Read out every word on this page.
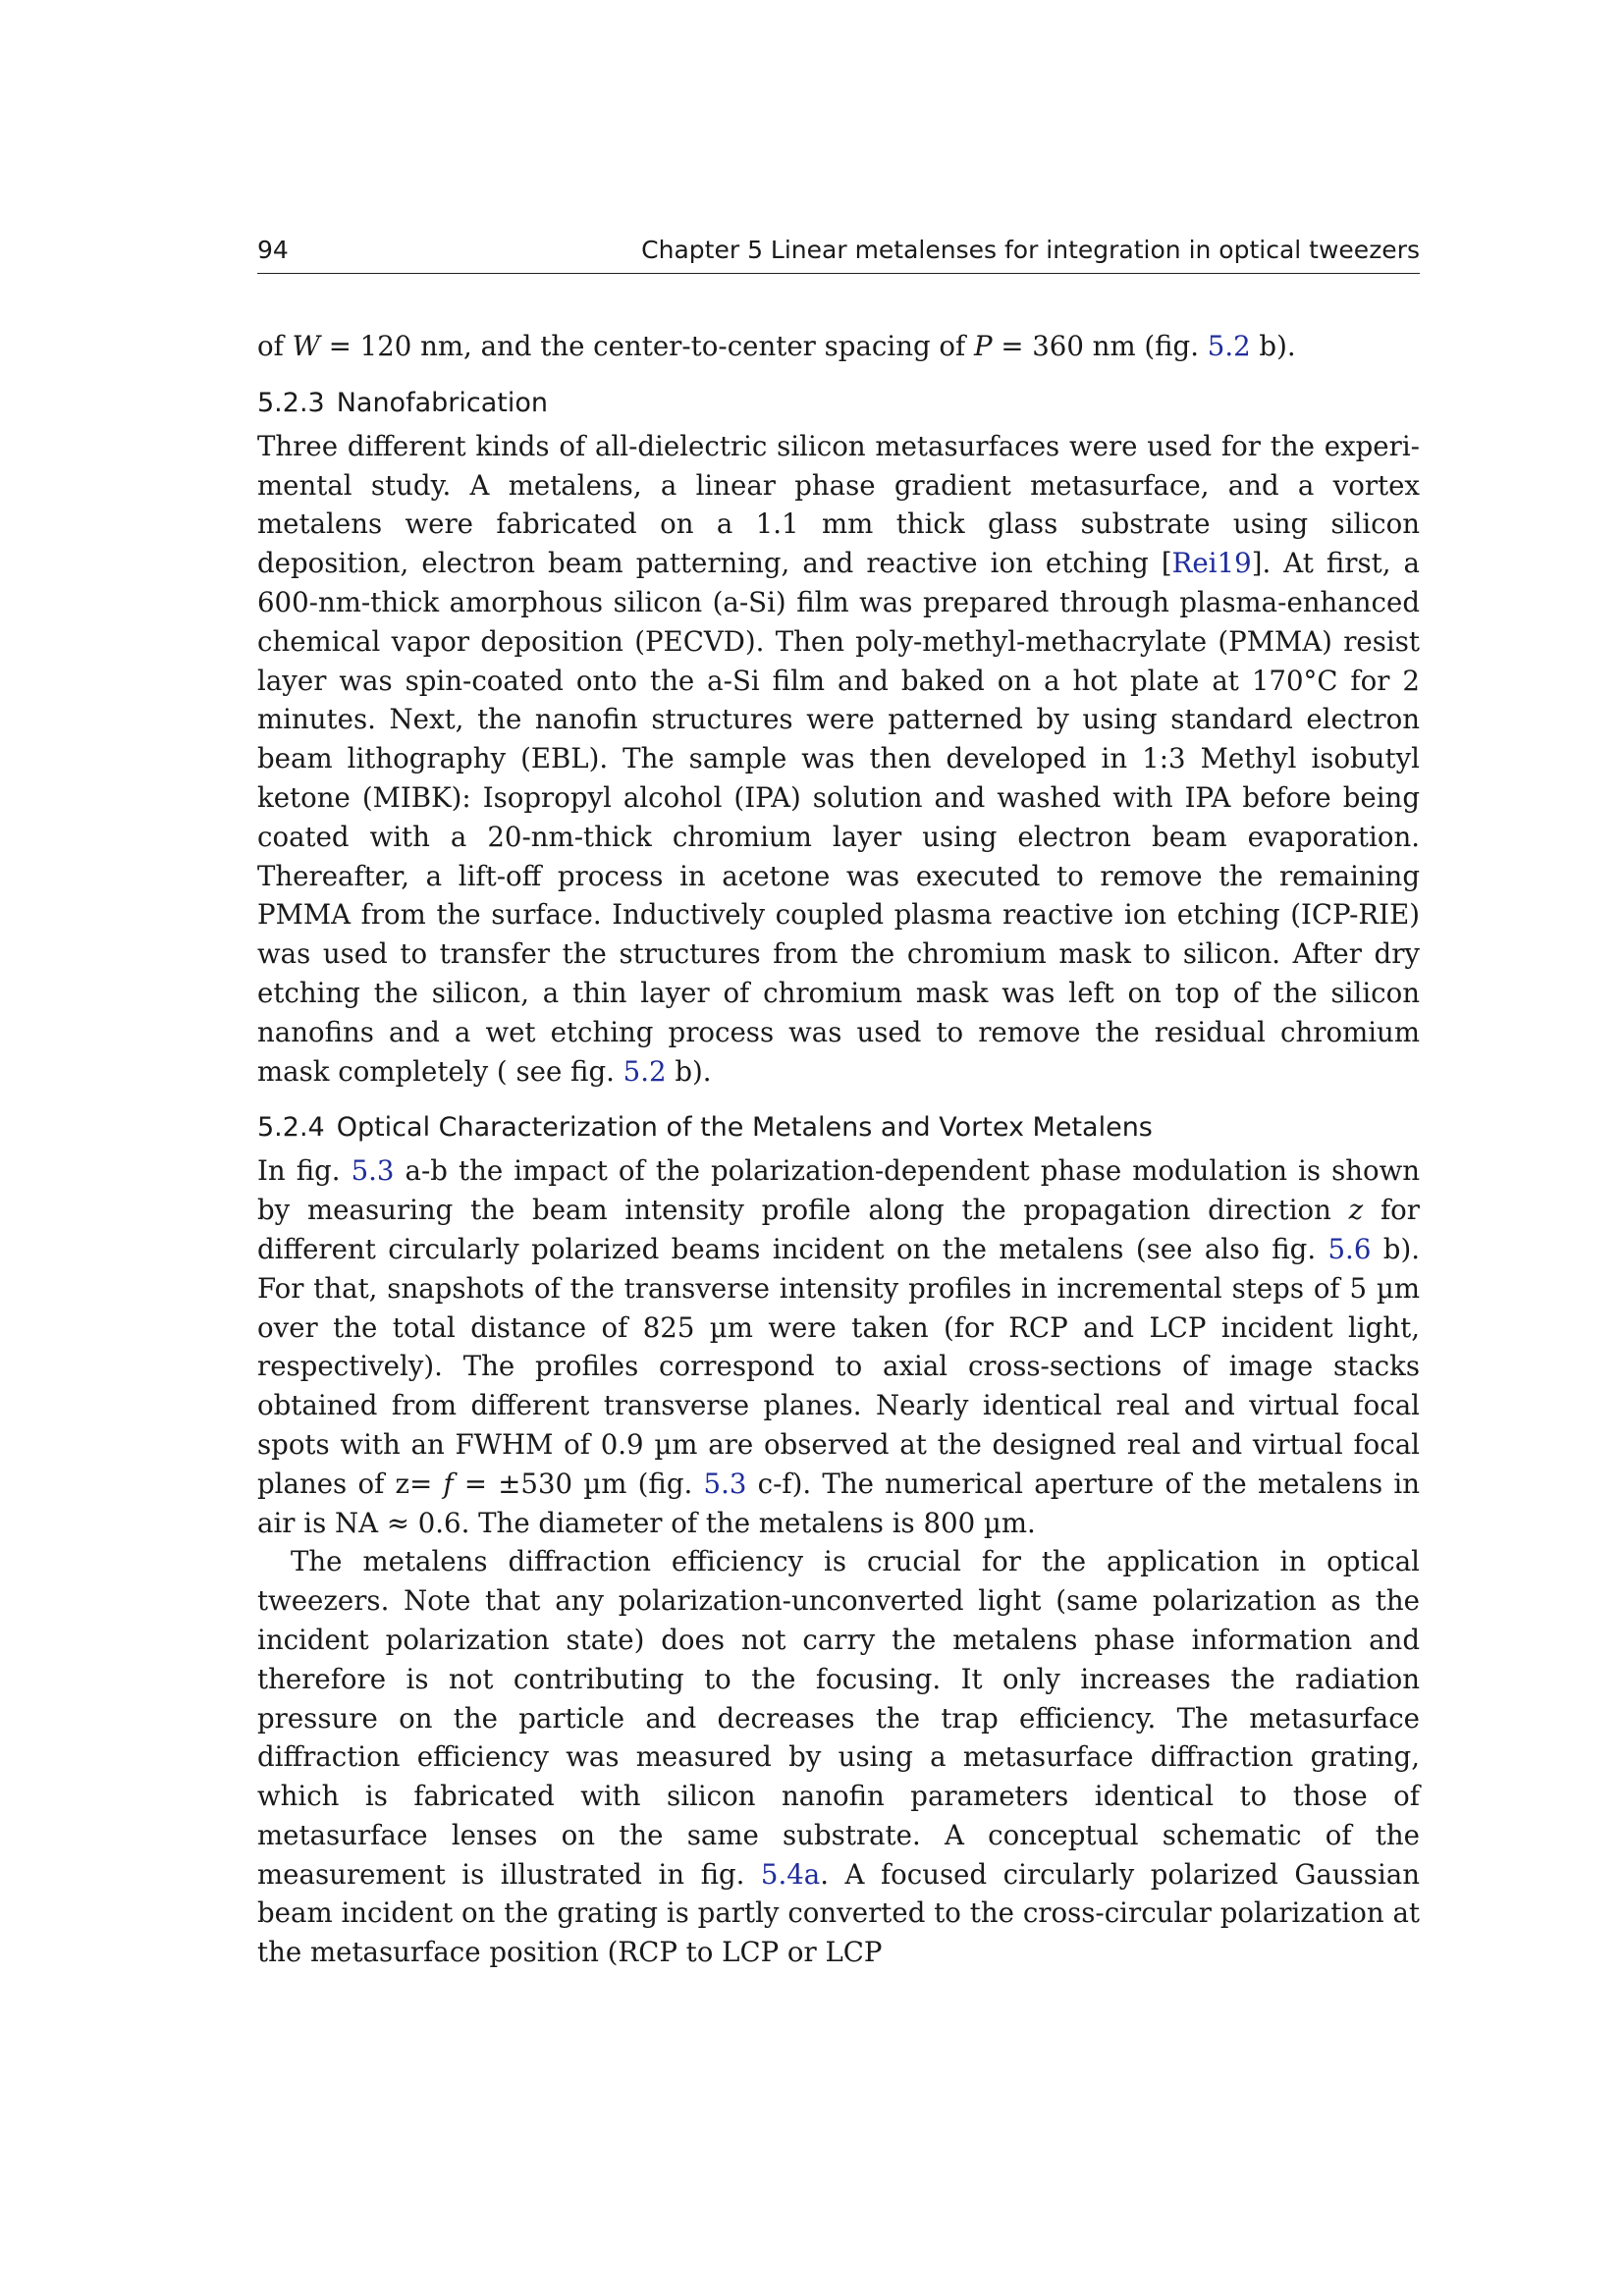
94	Chapter 5 Linear metalenses for integration in optical tweezers

of W = 120 nm, and the center-to-center spacing of P = 360 nm (fig. 5.2 b).

5.2.3 Nanofabrication

Three different kinds of all-dielectric silicon metasurfaces were used for the experimental study. A metalens, a linear phase gradient metasurface, and a vortex metalens were fabricated on a 1.1 mm thick glass substrate using silicon deposition, electron beam patterning, and reactive ion etching [Rei19]. At first, a 600-nm-thick amorphous silicon (a-Si) film was prepared through plasma-enhanced chemical vapor deposition (PECVD). Then poly-methyl-methacrylate (PMMA) resist layer was spin-coated onto the a-Si film and baked on a hot plate at 170°C for 2 minutes. Next, the nanofin structures were patterned by using standard electron beam lithography (EBL). The sample was then developed in 1:3 Methyl isobutyl ketone (MIBK): Isopropyl alcohol (IPA) solution and washed with IPA before being coated with a 20-nm-thick chromium layer using electron beam evaporation. Thereafter, a lift-off process in acetone was executed to remove the remaining PMMA from the surface. Inductively coupled plasma reactive ion etching (ICP-RIE) was used to transfer the structures from the chromium mask to silicon. After dry etching the silicon, a thin layer of chromium mask was left on top of the silicon nanofins and a wet etching process was used to remove the residual chromium mask completely ( see fig. 5.2 b).

5.2.4 Optical Characterization of the Metalens and Vortex Metalens

In fig. 5.3 a-b the impact of the polarization-dependent phase modulation is shown by measuring the beam intensity profile along the propagation direction z for different circularly polarized beams incident on the metalens (see also fig. 5.6 b). For that, snapshots of the transverse intensity profiles in incremental steps of 5 µm over the total distance of 825 µm were taken (for RCP and LCP incident light, respectively). The profiles correspond to axial cross-sections of image stacks obtained from different transverse planes. Nearly identical real and virtual focal spots with an FWHM of 0.9 µm are observed at the designed real and virtual focal planes of z= f = ±530 µm (fig. 5.3 c-f). The numerical aperture of the metalens in air is NA ≈ 0.6. The diameter of the metalens is 800 µm.

The metalens diffraction efficiency is crucial for the application in optical tweezers. Note that any polarization-unconverted light (same polarization as the incident polarization state) does not carry the metalens phase information and therefore is not contributing to the focusing. It only increases the radiation pressure on the particle and decreases the trap efficiency. The metasurface diffraction efficiency was measured by using a metasurface diffraction grating, which is fabricated with silicon nanofin parameters identical to those of metasurface lenses on the same substrate. A conceptual schematic of the measurement is illustrated in fig. 5.4a. A focused circularly polarized Gaussian beam incident on the grating is partly converted to the cross-circular polarization at the metasurface position (RCP to LCP or LCP
